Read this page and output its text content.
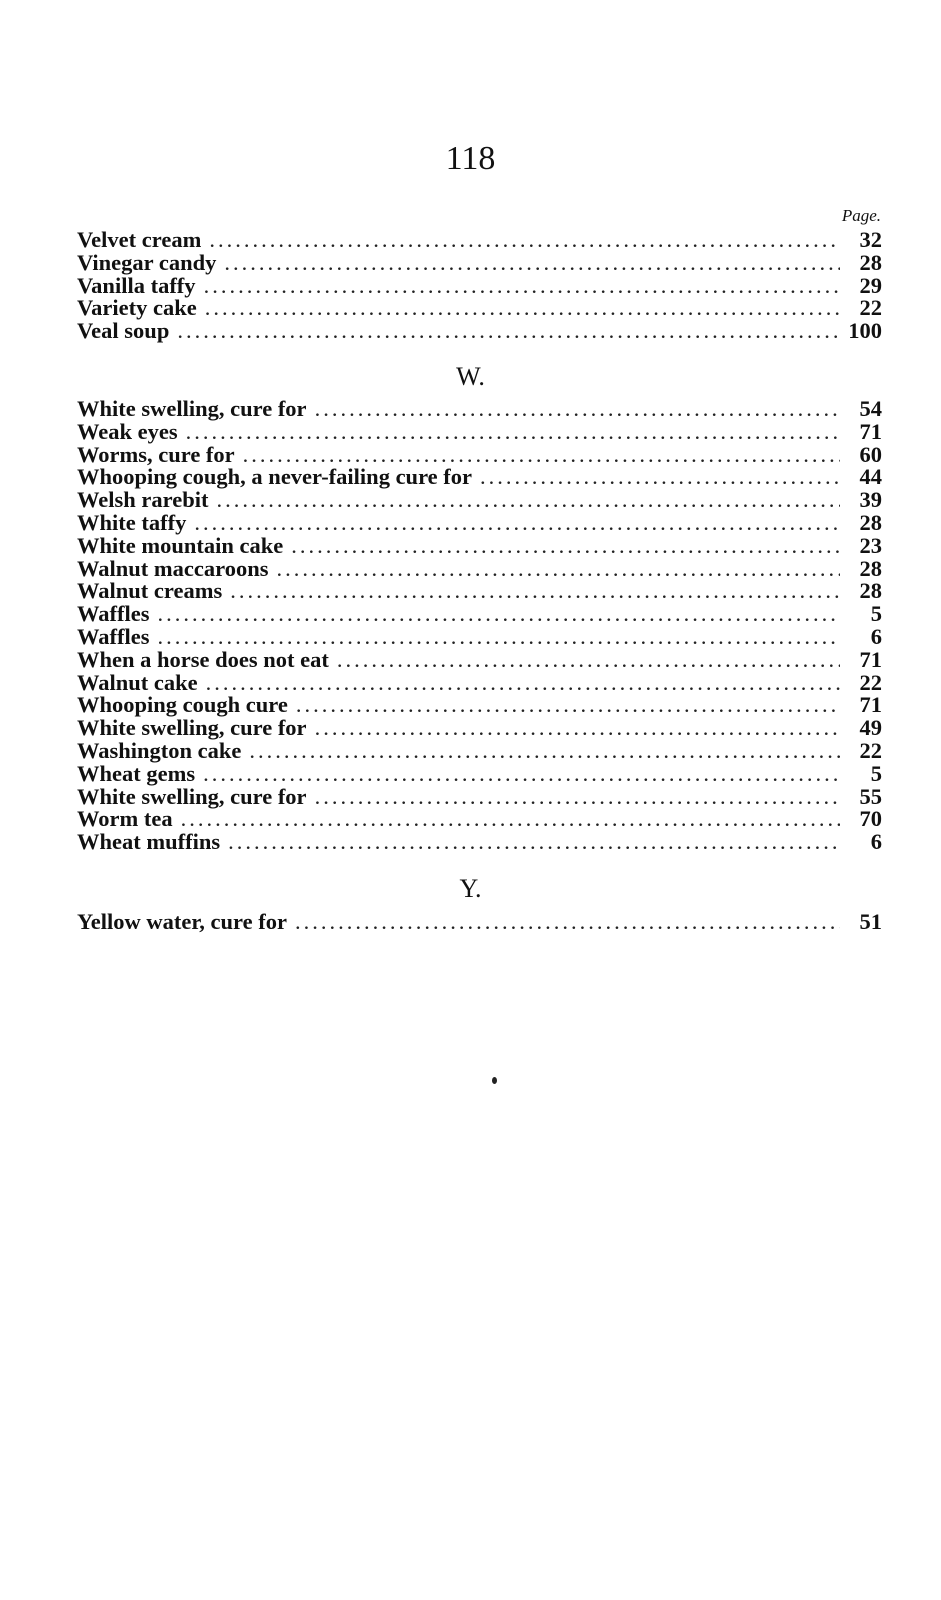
118
Page.
Velvet cream .....	32
Vinegar candy .....	28
Vanilla taffy .....	29
Variety cake .....	22
Veal soup .....	100
W.
White swelling, cure for .....	54
Weak eyes .....	71
Worms, cure for .....	60
Whooping cough, a never-failing cure for .....	44
Welsh rarebit .....	39
White taffy .....	28
White mountain cake .....	23
Walnut maccaroons .....	28
Walnut creams .....	28
Waffles .....	5
Waffles .....	6
When a horse does not eat .....	71
Walnut cake .....	22
Whooping cough cure .....	71
White swelling, cure for .....	49
Washington cake .....	22
Wheat gems .....	5
White swelling, cure for .....	55
Worm tea .....	70
Wheat muffins .....	6
Y.
Yellow water, cure for .....	51
